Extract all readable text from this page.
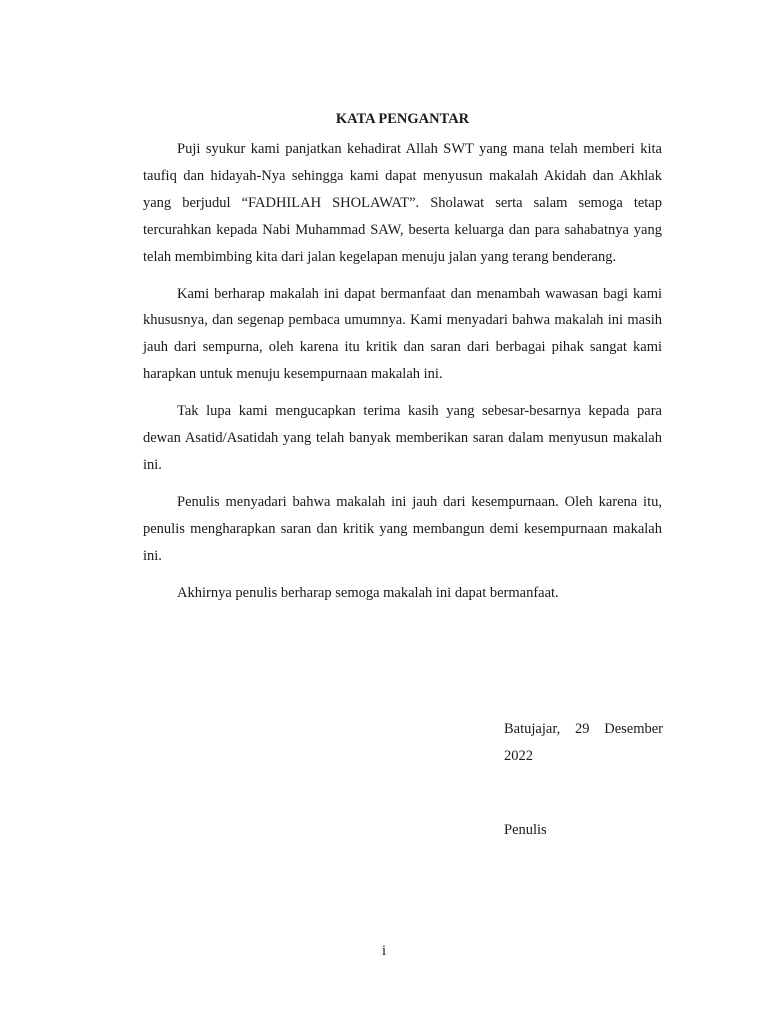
KATA PENGANTAR

Puji syukur kami panjatkan kehadirat Allah SWT yang mana telah memberi kita taufiq dan hidayah-Nya sehingga kami dapat menyusun makalah Akidah dan Akhlak yang berjudul “FADHILAH SHOLAWAT”. Sholawat serta salam semoga tetap tercurahkan kepada Nabi Muhammad SAW, beserta keluarga dan para sahabatnya yang telah membimbing kita dari jalan kegelapan menuju jalan yang terang benderang.

Kami berharap makalah ini dapat bermanfaat dan menambah wawasan bagi kami khususnya, dan segenap pembaca umumnya. Kami menyadari bahwa makalah ini masih jauh dari sempurna, oleh karena itu kritik dan saran dari berbagai pihak sangat kami harapkan untuk menuju kesempurnaan makalah ini.

Tak lupa kami mengucapkan terima kasih yang sebesar-besarnya kepada para dewan Asatid/Asatidah yang telah banyak memberikan saran dalam menyusun makalah ini.

Penulis menyadari bahwa makalah ini jauh dari kesempurnaan. Oleh karena itu, penulis mengharapkan saran dan kritik yang membangun demi kesempurnaan makalah ini.

Akhirnya penulis berharap semoga makalah ini dapat bermanfaat.

Batujajar, 29 Desember 2022

Penulis

i
